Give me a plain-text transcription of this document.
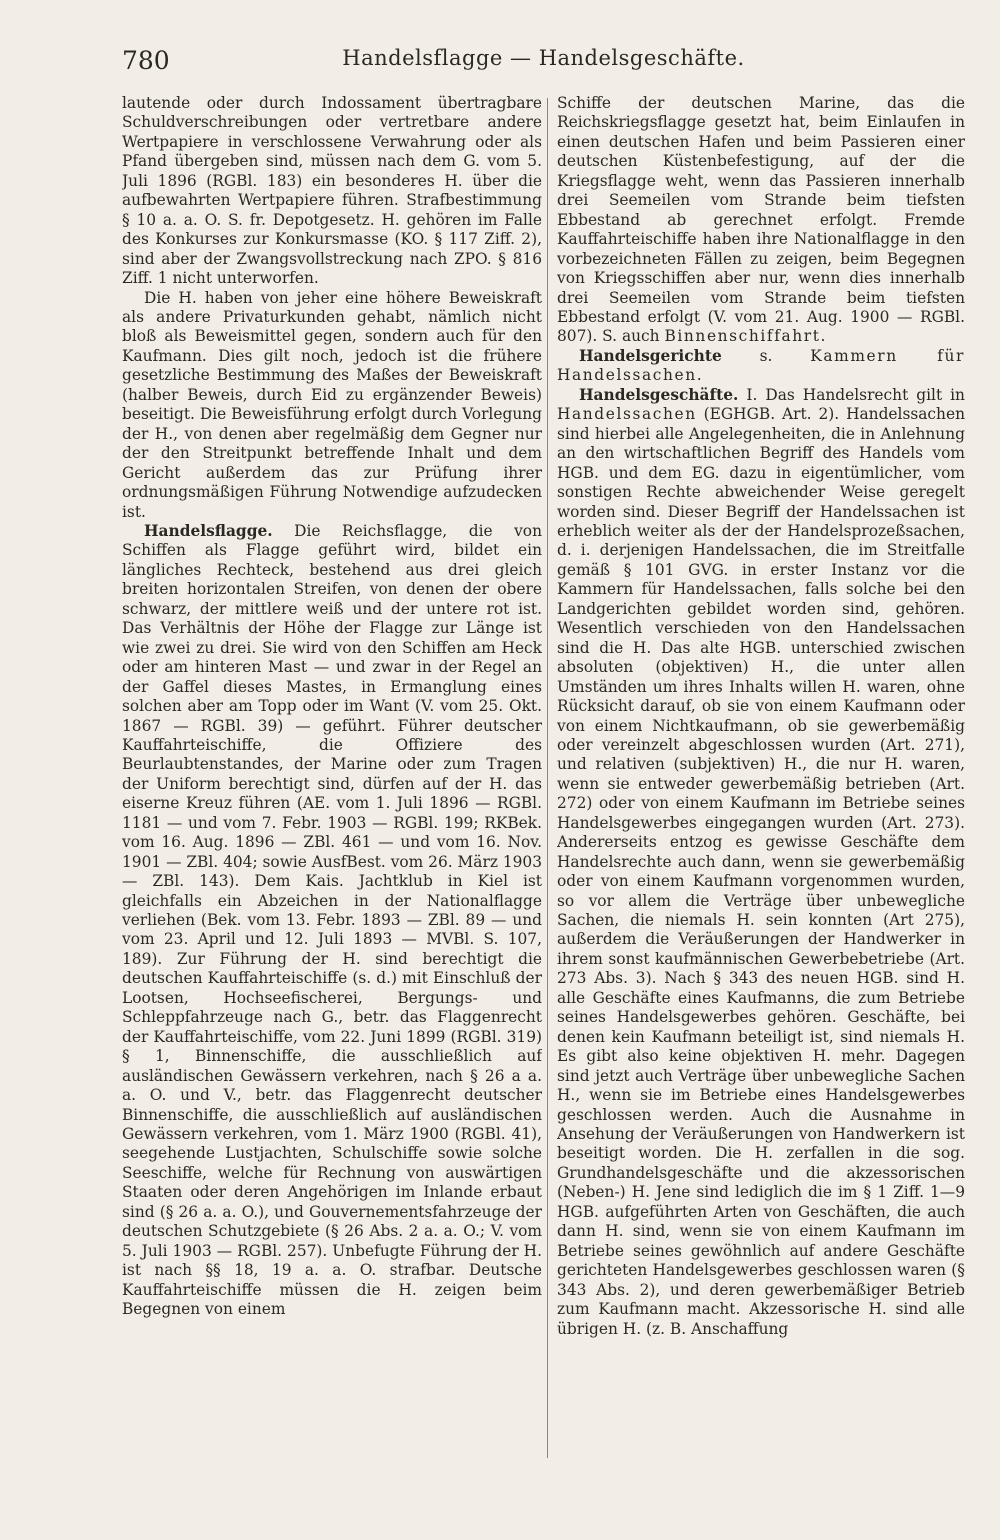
780	Handelsflagge — Handelsgeschäfte.

lautende oder durch Indossament übertragbare Schuldverschreibungen oder vertretbare andere Wertpapiere in verschlossene Verwahrung oder als Pfand übergeben sind, müssen nach dem G. vom 5. Juli 1896 (RGBl. 183) ein besonderes H. über die aufbewahrten Wertpapiere führen. Strafbestimmung § 10 a. a. O. S. fr. Depotgesetz. H. gehören im Falle des Konkurses zur Konkursmasse (KO. § 117 Ziff. 2), sind aber der Zwangsvollstreckung nach ZPO. § 816 Ziff. 1 nicht unterworfen.

Die H. haben von jeher eine höhere Beweiskraft als andere Privaturkunden gehabt, nämlich nicht bloß als Beweismittel gegen, sondern auch für den Kaufmann. Dies gilt noch, jedoch ist die frühere gesetzliche Bestimmung des Maßes der Beweiskraft (halber Beweis, durch Eid zu ergänzender Beweis) beseitigt. Die Beweisführung erfolgt durch Vorlegung der H., von denen aber regelmäßig dem Gegner nur der den Streitpunkt betreffende Inhalt und dem Gericht außerdem das zur Prüfung ihrer ordnungsmäßigen Führung Notwendige aufzudecken ist.

Handelsflagge. Die Reichsflagge, die von Schiffen als Flagge geführt wird, bildet ein längliches Rechteck, bestehend aus drei gleich breiten horizontalen Streifen, von denen der obere schwarz, der mittlere weiß und der untere rot ist. Das Verhältnis der Höhe der Flagge zur Länge ist wie zwei zu drei. Sie wird von den Schiffen am Heck oder am hinteren Mast — und zwar in der Regel an der Gaffel dieses Mastes, in Ermanglung eines solchen aber am Topp oder im Want (V. vom 25. Okt. 1867 — RGBl. 39) — geführt. Führer deutscher Kauffahrteischiffe, die Offiziere des Beurlaubtenstandes, der Marine oder zum Tragen der Uniform berechtigt sind, dürfen auf der H. das eiserne Kreuz führen (AE. vom 1. Juli 1896 — RGBl. 1181 — und vom 7. Febr. 1903 — RGBl. 199; RKBek. vom 16. Aug. 1896 — ZBl. 461 — und vom 16. Nov. 1901 — ZBl. 404; sowie AusfBest. vom 26. März 1903 — ZBl. 143). Dem Kais. Jachtklub in Kiel ist gleichfalls ein Abzeichen in der Nationalflagge verliehen (Bek. vom 13. Febr. 1893 — ZBl. 89 — und vom 23. April und 12. Juli 1893 — MVBl. S. 107, 189). Zur Führung der H. sind berechtigt die deutschen Kauffahrteischiffe (s. d.) mit Einschluß der Lootsen, Hochseefischerei, Bergungs- und Schleppfahrzeuge nach G., betr. das Flaggenrecht der Kauffahrteischiffe, vom 22. Juni 1899 (RGBl. 319) § 1, Binnenschiffe, die ausschließlich auf ausländischen Gewässern verkehren, nach § 26 a a. a. O. und V., betr. das Flaggenrecht deutscher Binnenschiffe, die ausschließlich auf ausländischen Gewässern verkehren, vom 1. März 1900 (RGBl. 41), seegehende Lustjachten, Schulschiffe sowie solche Seeschiffe, welche für Rechnung von auswärtigen Staaten oder deren Angehörigen im Inlande erbaut sind (§ 26 a. a. O.), und Gouvernementsfahrzeuge der deutschen Schutzgebiete (§ 26 Abs. 2 a. a. O.; V. vom 5. Juli 1903 — RGBl. 257). Unbefugte Führung der H. ist nach §§ 18, 19 a. a. O. strafbar. Deutsche Kauffahrteischiffe müssen die H. zeigen beim Begegnen von einem

Schiffe der deutschen Marine, das die Reichskriegsflagge gesetzt hat, beim Einlaufen in einen deutschen Hafen und beim Passieren einer deutschen Küstenbefestigung, auf der die Kriegsflagge weht, wenn das Passieren innerhalb drei Seemeilen vom Strande beim tiefsten Ebbestand ab gerechnet erfolgt. Fremde Kauffahrteischiffe haben ihre Nationalflagge in den vorbezeichneten Fällen zu zeigen, beim Begegnen von Kriegsschiffen aber nur, wenn dies innerhalb drei Seemeilen vom Strande beim tiefsten Ebbestand erfolgt (V. vom 21. Aug. 1900 — RGBl. 807). S. auch Binnenschiffahrt.

Handelsgerichte s. Kammern für Handelssachen.

Handelsgeschäfte. I. Das Handelsrecht gilt in Handelssachen (EGHGB. Art. 2). Handelssachen sind hierbei alle Angelegenheiten, die in Anlehnung an den wirtschaftlichen Begriff des Handels vom HGB. und dem EG. dazu in eigentümlicher, vom sonstigen Rechte abweichender Weise geregelt worden sind. Dieser Begriff der Handelssachen ist erheblich weiter als der der Handelsprozeßsachen, d. i. derjenigen Handelssachen, die im Streitfalle gemäß § 101 GVG. in erster Instanz vor die Kammern für Handelssachen, falls solche bei den Landgerichten gebildet worden sind, gehören. Wesentlich verschieden von den Handelssachen sind die H. Das alte HGB. unterschied zwischen absoluten (objektiven) H., die unter allen Umständen um ihres Inhalts willen H. waren, ohne Rücksicht darauf, ob sie von einem Kaufmann oder von einem Nichtkaufmann, ob sie gewerbemäßig oder vereinzelt abgeschlossen wurden (Art. 271), und relativen (subjektiven) H., die nur H. waren, wenn sie entweder gewerbemäßig betrieben (Art. 272) oder von einem Kaufmann im Betriebe seines Handelsgewerbes eingegangen wurden (Art. 273). Andererseits entzog es gewisse Geschäfte dem Handelsrechte auch dann, wenn sie gewerbemäßig oder von einem Kaufmann vorgenommen wurden, so vor allem die Verträge über unbewegliche Sachen, die niemals H. sein konnten (Art 275), außerdem die Veräußerungen der Handwerker in ihrem sonst kaufmännischen Gewerbebetriebe (Art. 273 Abs. 3). Nach § 343 des neuen HGB. sind H. alle Geschäfte eines Kaufmanns, die zum Betriebe seines Handelsgewerbes gehören. Geschäfte, bei denen kein Kaufmann beteiligt ist, sind niemals H. Es gibt also keine objektiven H. mehr. Dagegen sind jetzt auch Verträge über unbewegliche Sachen H., wenn sie im Betriebe eines Handelsgewerbes geschlossen werden. Auch die Ausnahme in Ansehung der Veräußerungen von Handwerkern ist beseitigt worden. Die H. zerfallen in die sog. Grundhandelsgeschäfte und die akzessorischen (Neben-) H. Jene sind lediglich die im § 1 Ziff. 1—9 HGB. aufgeführten Arten von Geschäften, die auch dann H. sind, wenn sie von einem Kaufmann im Betriebe seines gewöhnlich auf andere Geschäfte gerichteten Handelsgewerbes geschlossen waren (§ 343 Abs. 2), und deren gewerbemäßiger Betrieb zum Kaufmann macht. Akzessorische H. sind alle übrigen H. (z. B. Anschaffung
